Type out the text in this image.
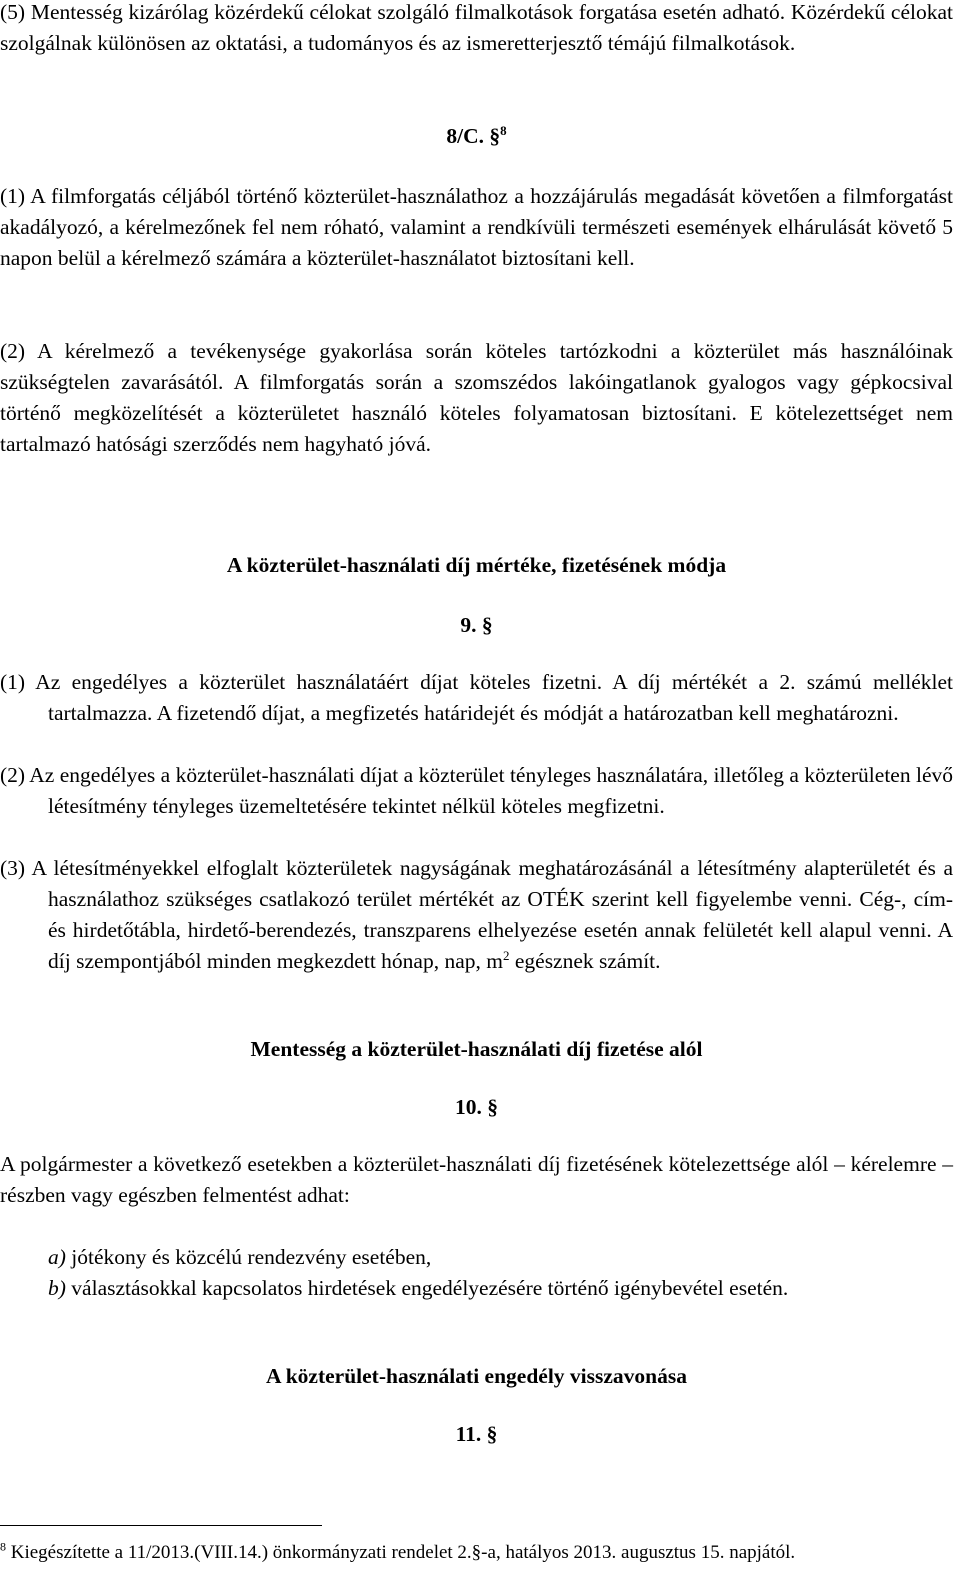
(5) Mentesség kizárólag közérdekű célokat szolgáló filmalkotások forgatása esetén adható. Közérdekű célokat szolgálnak különösen az oktatási, a tudományos és az ismeretterjesztő témájú filmalkotások.

8/C. §$^8$

(1) A filmforgatás céljából történő közterület-használathoz a hozzájárulás megadását követően a filmforgatást akadályozó, a kérelmezőnek fel nem róható, valamint a rendkívüli természeti események elhárulását követő 5 napon belül a kérelmező számára a közterület-használatot biztosítani kell.

(2) A kérelmező a tevékenysége gyakorlása során köteles tartózkodni a közterület más használóinak szükségtelen zavarásától. A filmforgatás során a szomszédos lakóingatlanok gyalogos vagy gépkocsival történő megközelítését a közterületet használó köteles folyamatosan biztosítani. E kötelezettséget nem tartalmazó hatósági szerződés nem hagyható jóvá.

A közterület-használati díj mértéke, fizetésének módja

9. §

(1) Az engedélyes a közterület használatáért díjat köteles fizetni. A díj mértékét a 2. számú melléklet tartalmazza. A fizetendő díjat, a megfizetés határidejét és módját a határozatban kell meghatározni.

(2) Az engedélyes a közterület-használati díjat a közterület tényleges használatára, illetőleg a közterületen lévő létesítmény tényleges üzemeltetésére tekintet nélkül köteles megfizetni.

(3) A létesítményekkel elfoglalt közterületek nagyságának meghatározásánál a létesítmény alapterületét és a használathoz szükséges csatlakozó terület mértékét az OTÉK szerint kell figyelembe venni. Cég-, cím- és hirdetőtábla, hirdető-berendezés, transzparens elhelyezése esetén annak felületét kell alapul venni. A díj szempontjából minden megkezdett hónap, nap, $m^2$ egésznek számít.

Mentesség a közterület-használati díj fizetése alól

10. §

A polgármester a következő esetekben a közterület-használati díj fizetésének kötelezettsége alól – kérelemre – részben vagy egészben felmentést adhat:

a) jótékony és közcélú rendezvény esetében,

b) választásokkal kapcsolatos hirdetések engedélyezésére történő igénybevétel esetén.

A közterület-használati engedély visszavonása

11. §

$^8$ Kiegészítette a 11/2013.(VIII.14.) önkormányzati rendelet 2.§-a, hatályos 2013. augusztus 15. napjától.
